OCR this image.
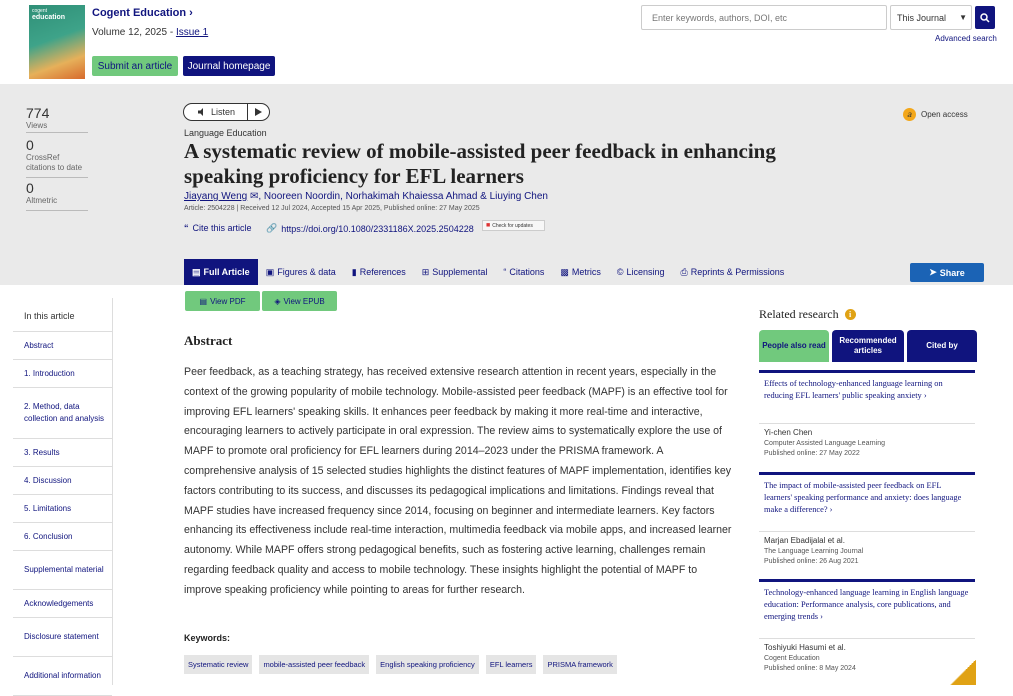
cogent
education Cogent Education ›
Volume 12, 2025 - Issue 1
Submit an article	Journal homepage
Enter keywords, authors, DOI, etc	This Journal ▼
Advanced search
774
Views
0
CrossRef citations to date
0
Altmetric
Listen
Language Education
A systematic review of mobile-assisted peer feedback in enhancing speaking proficiency for EFL learners
Jiayang Weng ✉, Nooreen Noordin, Norhakimah Khaiessa Ahmad & Liuying Chen
Article: 2504228 | Received 12 Jul 2024, Accepted 15 Apr 2025, Published online: 27 May 2025
“ Cite this article 🔗 https://doi.org/10.1080/2331186X.2025.2504228 ■ Check for updates
𝑎	Open access
▤ Full Article ▣ Figures & data ▮ References ⊞ Supplemental “ Citations ▩ Metrics © Licensing ⎙ Reprints & Permissions	➤ Share
In this article
Abstract
1. Introduction
2. Method, data collection and analysis
3. Results
4. Discussion
5. Limitations
6. Conclusion
Supplemental material
Acknowledgements
Disclosure statement
Additional information
▤ View PDF	◈ View EPUB
Abstract
Peer feedback, as a teaching strategy, has received extensive research attention in recent years, especially in the context of the growing popularity of mobile technology. Mobile-assisted peer feedback (MAPF) is an effective tool for improving EFL learners' speaking skills. It enhances peer feedback by making it more real-time and interactive, encouraging learners to actively participate in oral expression. The review aims to systematically explore the use of MAPF to promote oral proficiency for EFL learners during 2014–2023 under the PRISMA framework. A comprehensive analysis of 15 selected studies highlights the distinct features of MAPF implementation, identifies key factors contributing to its success, and discusses its pedagogical implications and limitations. Findings reveal that MAPF studies have increased frequency since 2014, focusing on beginner and intermediate learners. Key factors enhancing its effectiveness include real-time interaction, multimedia feedback via mobile apps, and increased learner autonomy. While MAPF offers strong pedagogical benefits, such as fostering active learning, challenges remain regarding feedback quality and access to mobile technology. These insights highlight the potential of MAPF to improve speaking proficiency while pointing to areas for further research.
Keywords:
Systematic review	mobile-assisted peer feedback	English speaking proficiency	EFL learners	PRISMA framework
Related research	i
People also read
Recommended articles
Cited by
Effects of technology-enhanced language learning on reducing EFL learners' public speaking anxiety ›
Yi-chen Chen
Computer Assisted Language Learning
Published online: 27 May 2022
The impact of mobile-assisted peer feedback on EFL learners' speaking performance and anxiety: does language make a difference? ›
Marjan Ebadijalal et al.
The Language Learning Journal
Published online: 26 Aug 2021
Technology-enhanced language learning in English language education: Performance analysis, core publications, and emerging trends ›
Toshiyuki Hasumi et al.
Cogent Education
Published online: 8 May 2024
